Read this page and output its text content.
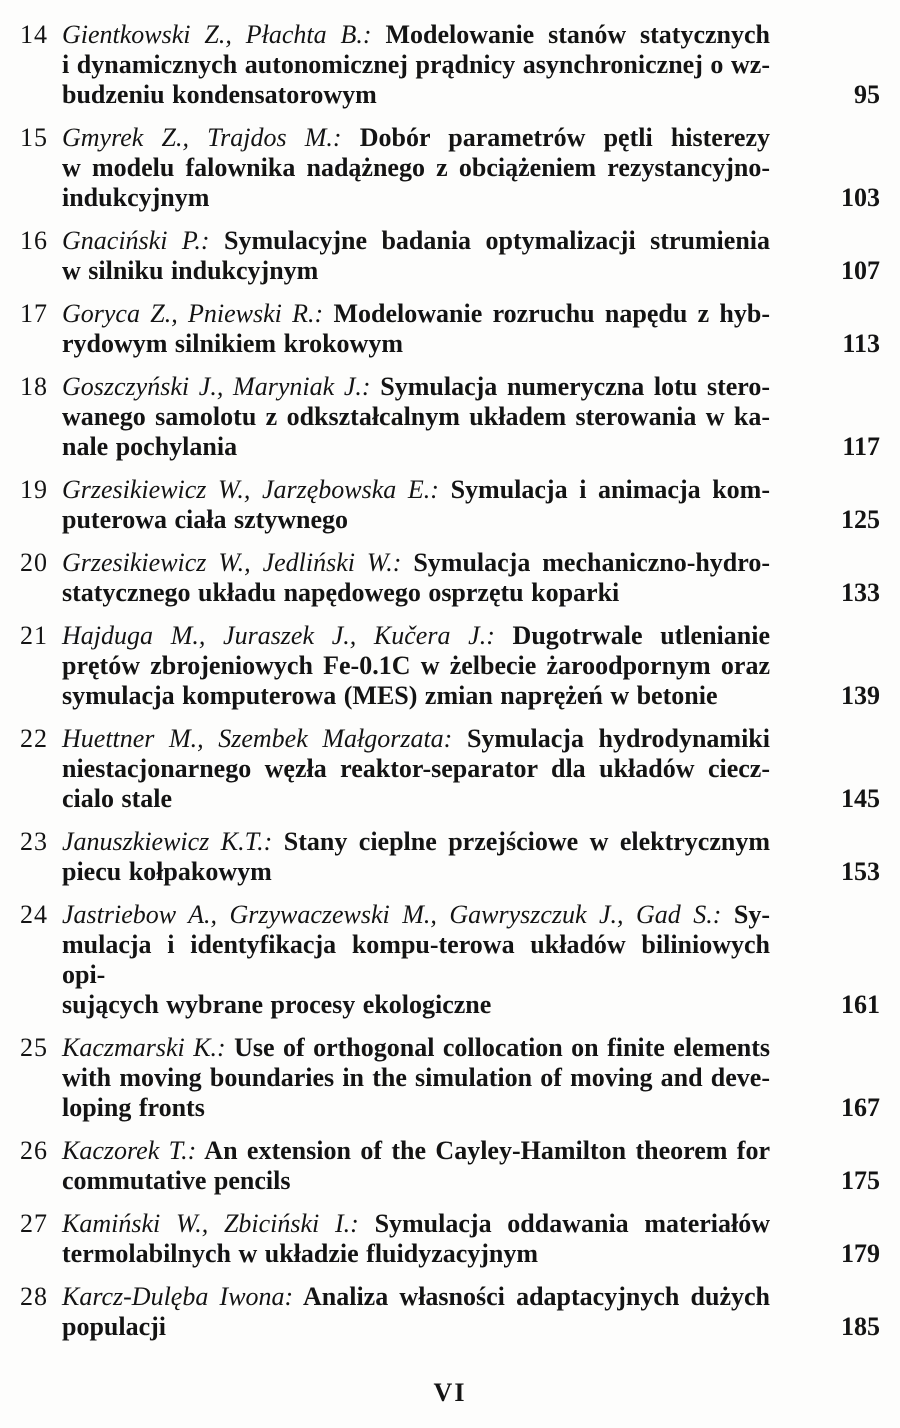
14 Gientkowski Z., Płachta B.: Modelowanie stanów statycznych
i dynamicznych autonomicznej prądnicy asynchronicznej o wz-
budzeniu kondensatorowym	95
15 Gmyrek Z., Trajdos M.: Dobór parametrów pętli histerezy
w modelu falownika nadążnego z obciążeniem rezystancyjno-
indukcyjnym	103
16 Gnaciński P.: Symulacyjne badania optymalizacji strumienia
w silniku indukcyjnym	107
17 Goryca Z., Pniewski R.: Modelowanie rozruchu napędu z hyb-
rydowym silnikiem krokowym	113
18 Goszczyński J., Maryniak J.: Symulacja numeryczna lotu stero-
wanego samolotu z odkształcalnym układem sterowania w ka-
nale pochylania	117
19 Grzesikiewicz W., Jarzębowska E.: Symulacja i animacja kom-
puterowa ciała sztywnego	125
20 Grzesikiewicz W., Jedliński W.: Symulacja mechaniczno-hydro-
statycznego układu napędowego osprzętu koparki	133
21 Hajduga M., Juraszek J., Kučera J.: Dugotrwale utlenianie
prętów zbrojeniowych Fe-0.1C w żelbecie żaroodpornym oraz
symulacja komputerowa (MES) zmian naprężeń w betonie	139
22 Huettner M., Szembek Małgorzata: Symulacja hydrodynamiki
niestacjonarnego węzła reaktor-separator dla układów ciecz-
cialo stale	145
23 Januszkiewicz K.T.: Stany cieplne przejściowe w elektrycznym
piecu kołpakowym	153
24 Jastriebow A., Grzywaczewski M., Gawryszczuk J., Gad S.: Sy-
mulacja i identyfikacja kompu-terowa układów biliniowych opi-
sujących wybrane procesy ekologiczne	161
25 Kaczmarski K.: Use of orthogonal collocation on finite elements
with moving boundaries in the simulation of moving and deve-
loping fronts	167
26 Kaczorek T.: An extension of the Cayley-Hamilton theorem for
commutative pencils	175
27 Kamiński W., Zbiciński I.: Symulacja oddawania materiałów
termolabilnych w układzie fluidyzacyjnym	179
28 Karcz-Dulęba Iwona: Analiza własności adaptacyjnych dużych
populacji	185
VI
